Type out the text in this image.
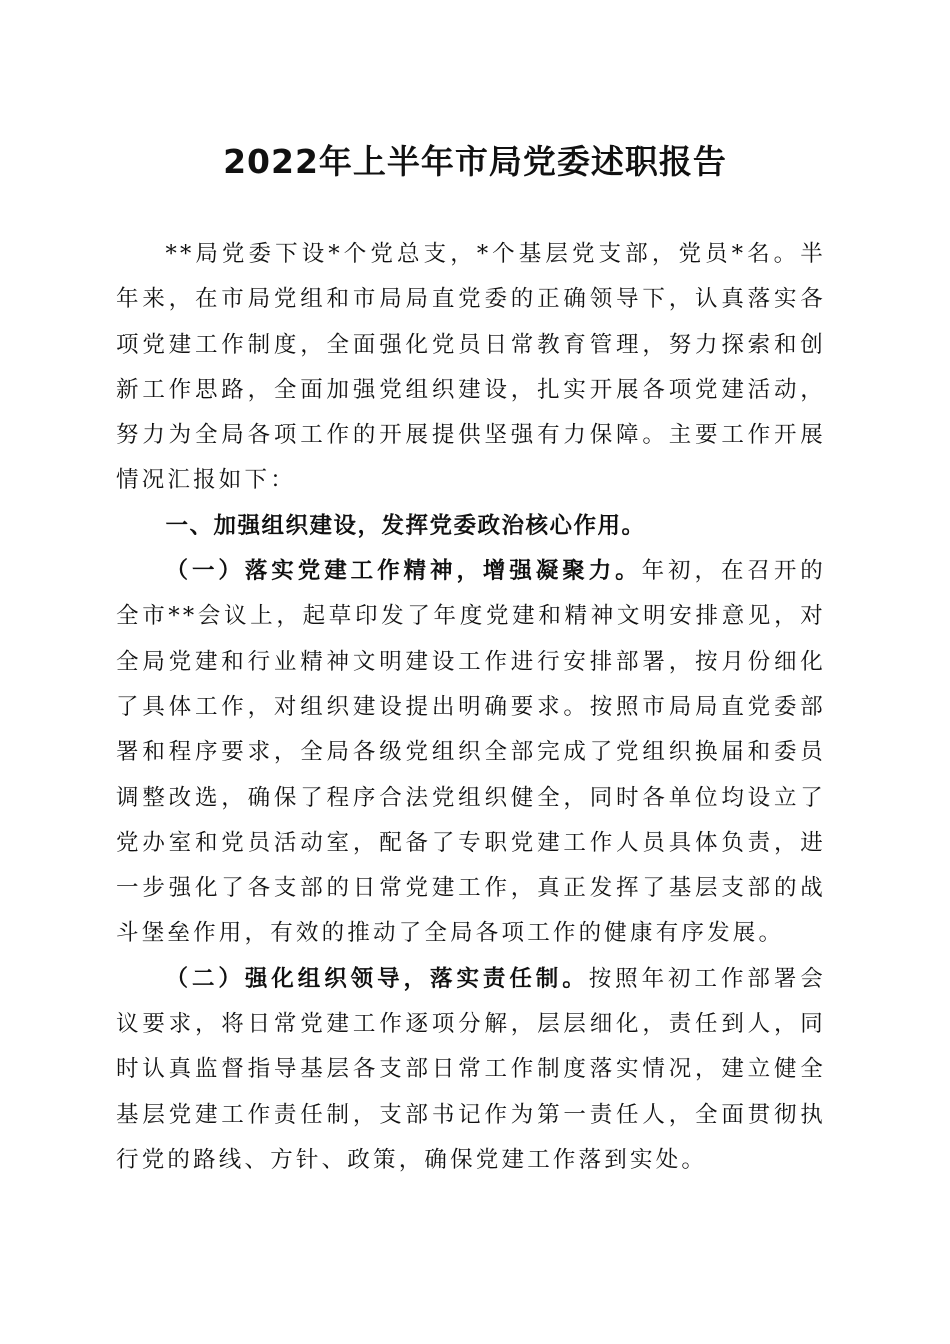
2022年上半年市局党委述职报告

**局党委下设*个党总支，*个基层党支部，党员*名。半年来，在市局党组和市局局直党委的正确领导下，认真落实各项党建工作制度，全面强化党员日常教育管理，努力探索和创新工作思路，全面加强党组织建设，扎实开展各项党建活动，努力为全局各项工作的开展提供坚强有力保障。主要工作开展情况汇报如下：

一、加强组织建设，发挥党委政治核心作用。

（一）落实党建工作精神，增强凝聚力。年初，在召开的全市**会议上，起草印发了年度党建和精神文明安排意见，对全局党建和行业精神文明建设工作进行安排部署，按月份细化了具体工作，对组织建设提出明确要求。按照市局局直党委部署和程序要求，全局各级党组织全部完成了党组织换届和委员调整改选，确保了程序合法党组织健全，同时各单位均设立了党办室和党员活动室，配备了专职党建工作人员具体负责，进一步强化了各支部的日常党建工作，真正发挥了基层支部的战斗堡垒作用，有效的推动了全局各项工作的健康有序发展。

（二）强化组织领导，落实责任制。按照年初工作部署会议要求，将日常党建工作逐项分解，层层细化，责任到人，同时认真监督指导基层各支部日常工作制度落实情况，建立健全基层党建工作责任制，支部书记作为第一责任人，全面贯彻执行党的路线、方针、政策，确保党建工作落到实处。
